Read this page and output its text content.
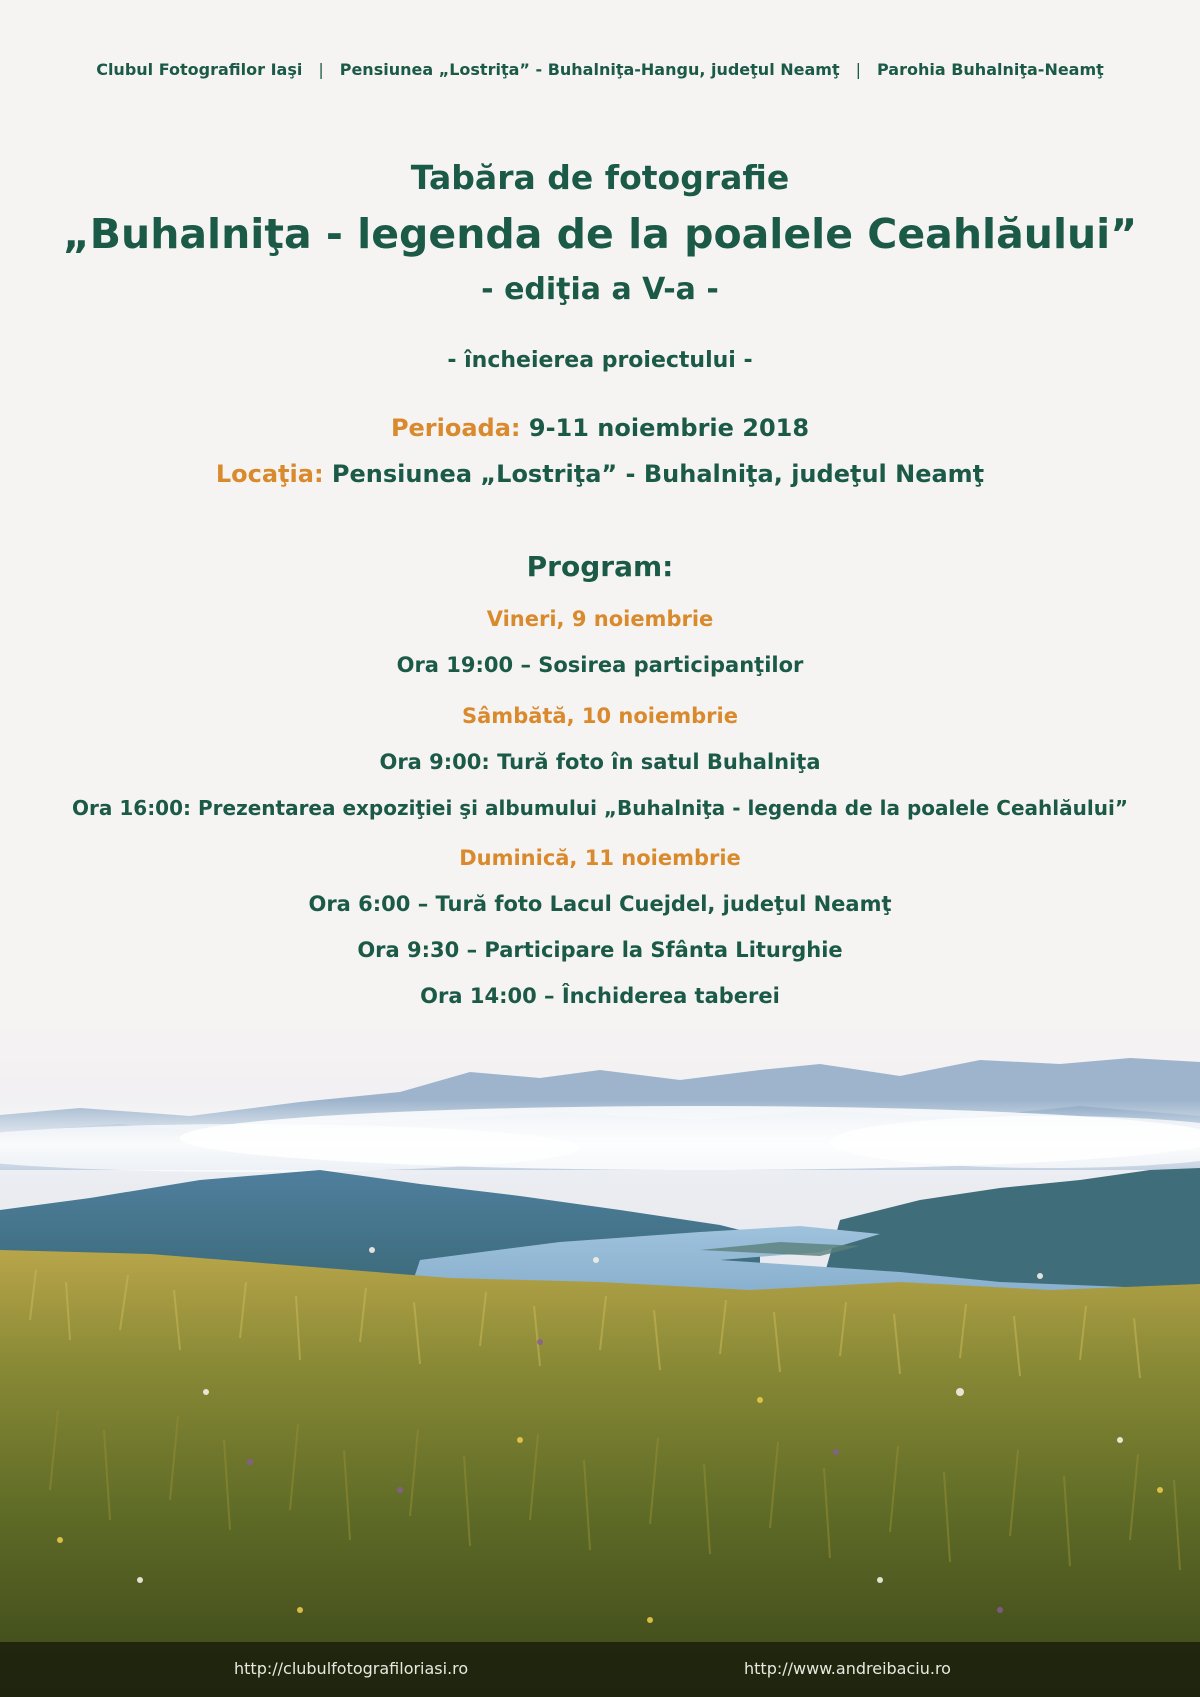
Clubul Fotografilor Iaşi | Pensiunea „Lostriţa” - Buhalniţa-Hangu, judeţul Neamţ | Parohia Buhalniţa-Neamţ
Tabăra de fotografie
„Buhalniţa - legenda de la poalele Ceahlăului”
- ediţia a V-a -
- încheierea proiectului -
Perioada: 9-11 noiembrie 2018
Locaţia: Pensiunea „Lostriţa” - Buhalniţa, judeţul Neamţ
Program:
Vineri, 9 noiembrie
Ora 19:00 – Sosirea participanţilor
Sâmbătă, 10 noiembrie
Ora 9:00: Tură foto în satul Buhalniţa
Ora 16:00: Prezentarea expoziţiei şi albumului „Buhalniţa - legenda de la poalele Ceahlăului”
Duminică, 11 noiembrie
Ora 6:00 – Tură foto Lacul Cuejdel, judeţul Neamţ
Ora 9:30 – Participare la Sfânta Liturghie
Ora 14:00 – Închiderea taberei
http://clubulfotografiloriasi.ro	http://www.andreibaciu.ro
